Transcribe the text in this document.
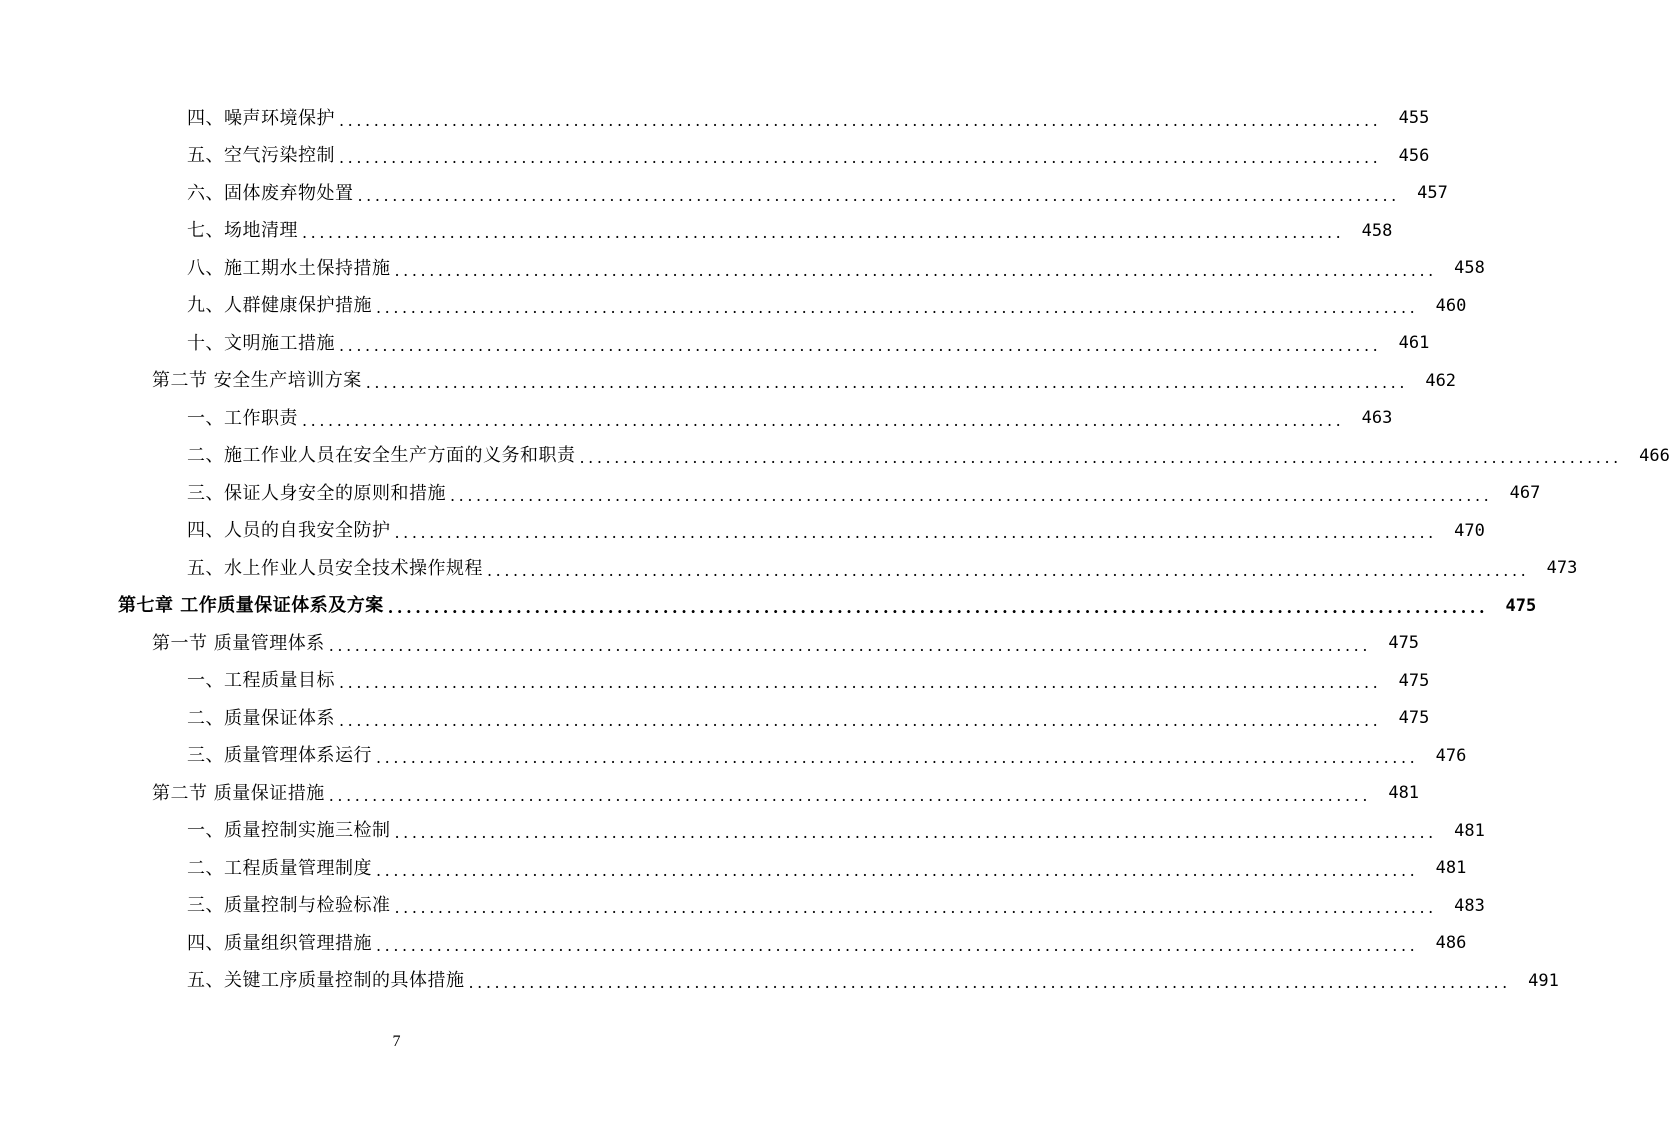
四、噪声环境保护 ........................................................................................................................	455
五、空气污染控制 ........................................................................................................................	456
六、固体废弃物处置 ........................................................................................................................	457
七、场地清理 ........................................................................................................................	458
八、施工期水土保持措施 ........................................................................................................................	458
九、人群健康保护措施 ........................................................................................................................	460
十、文明施工措施 ........................................................................................................................	461
第二节 安全生产培训方案 ........................................................................................................................	462
一、工作职责 ........................................................................................................................	463
二、施工作业人员在安全生产方面的义务和职责 ........................................................................................................................	466
三、保证人身安全的原则和措施 ........................................................................................................................	467
四、人员的自我安全防护 ........................................................................................................................	470
五、水上作业人员安全技术操作规程 ........................................................................................................................	473
第七章 工作质量保证体系及方案 ........................................................................................................................	475
第一节 质量管理体系 ........................................................................................................................	475
一、工程质量目标 ........................................................................................................................	475
二、质量保证体系 ........................................................................................................................	475
三、质量管理体系运行 ........................................................................................................................	476
第二节 质量保证措施 ........................................................................................................................	481
一、质量控制实施三检制 ........................................................................................................................	481
二、工程质量管理制度 ........................................................................................................................	481
三、质量控制与检验标准 ........................................................................................................................	483
四、质量组织管理措施 ........................................................................................................................	486
五、关键工序质量控制的具体措施 ........................................................................................................................	491
7
